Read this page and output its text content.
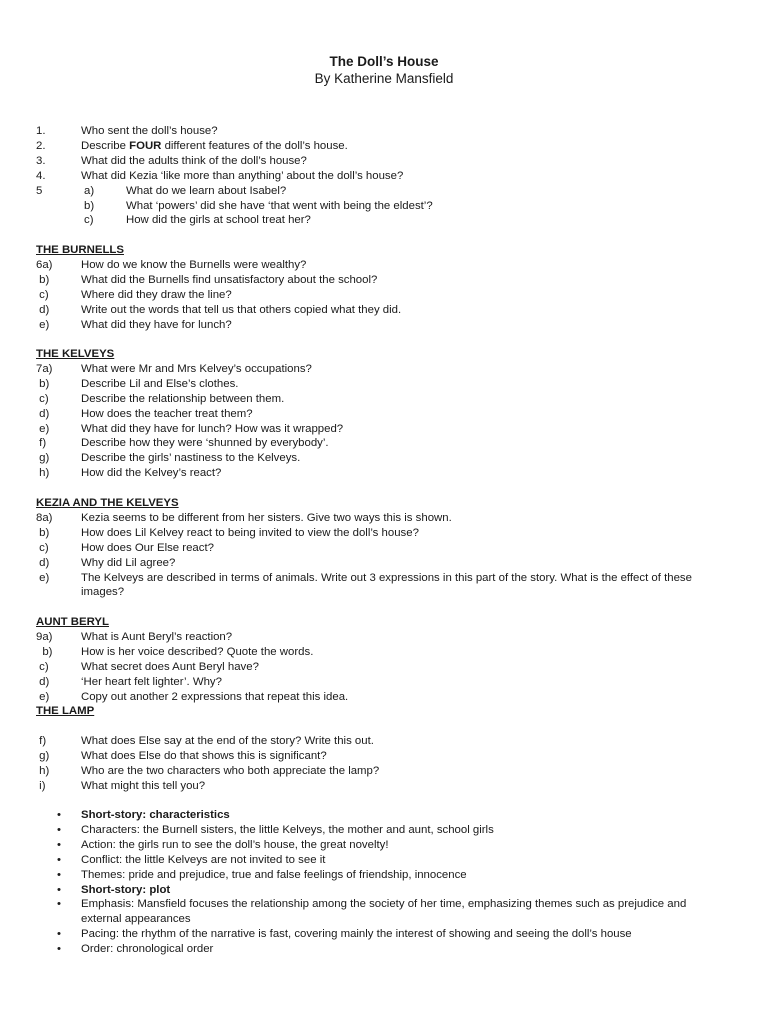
The Doll’s House
By Katherine Mansfield
1.	Who sent the doll’s house?
2.	Describe FOUR different features of the doll’s house.
3.	What did the adults think of the doll’s house?
4.	What did Kezia ‘like more than anything’ about the doll’s house?
5	a)	What do we learn about Isabel?
b)	What ‘powers’ did she have ‘that went with being the eldest’?
c)	How did the girls at school treat her?
THE BURNELLS
6a)	How do we know the Burnells were wealthy?
b)	What did the Burnells find unsatisfactory about the school?
c)	Where did they draw the line?
d)	Write out the words that tell us that others copied what they did.
e)	What did they have for lunch?
THE KELVEYS
7a)	What were Mr and Mrs Kelvey’s occupations?
b)	Describe Lil and Else’s clothes.
c)	Describe the relationship between them.
d)	How does the teacher treat them?
e)	What did they have for lunch? How was it wrapped?
f)	Describe how they were ‘shunned by everybody’.
g)	Describe the girls’ nastiness to the Kelveys.
h)	How did the Kelvey’s react?
KEZIA AND THE KELVEYS
8a)	Kezia seems to be different from her sisters. Give two ways this is shown.
b)	How does Lil Kelvey react to being invited to view the doll’s house?
c)	How does Our Else react?
d)	Why did Lil agree?
e)	The Kelveys are described in terms of animals. Write out 3 expressions in this part of the story. What is the effect of these images?
AUNT BERYL
9a)	What is Aunt Beryl’s reaction?
b)	How is her voice described? Quote the words.
c)	What secret does Aunt Beryl have?
d)	‘Her heart felt lighter’. Why?
e)	Copy out another 2 expressions that repeat this idea.
THE LAMP
f)	What does Else say at the end of the story? Write this out.
g)	What does Else do that shows this is significant?
h)	Who are the two characters who both appreciate the lamp?
i)	What might this tell you?
• Short-story: characteristics
• Characters: the Burnell sisters, the little Kelveys, the mother and aunt, school girls
• Action: the girls run to see the doll’s house, the great novelty!
• Conflict: the little Kelveys are not invited to see it
• Themes: pride and prejudice, true and false feelings of friendship, innocence
• Short-story: plot
• Emphasis: Mansfield focuses the relationship among the society of her time, emphasizing themes such as prejudice and external appearances
• Pacing: the rhythm of the narrative is fast, covering mainly the interest of showing and seeing the doll’s house
• Order: chronological order
